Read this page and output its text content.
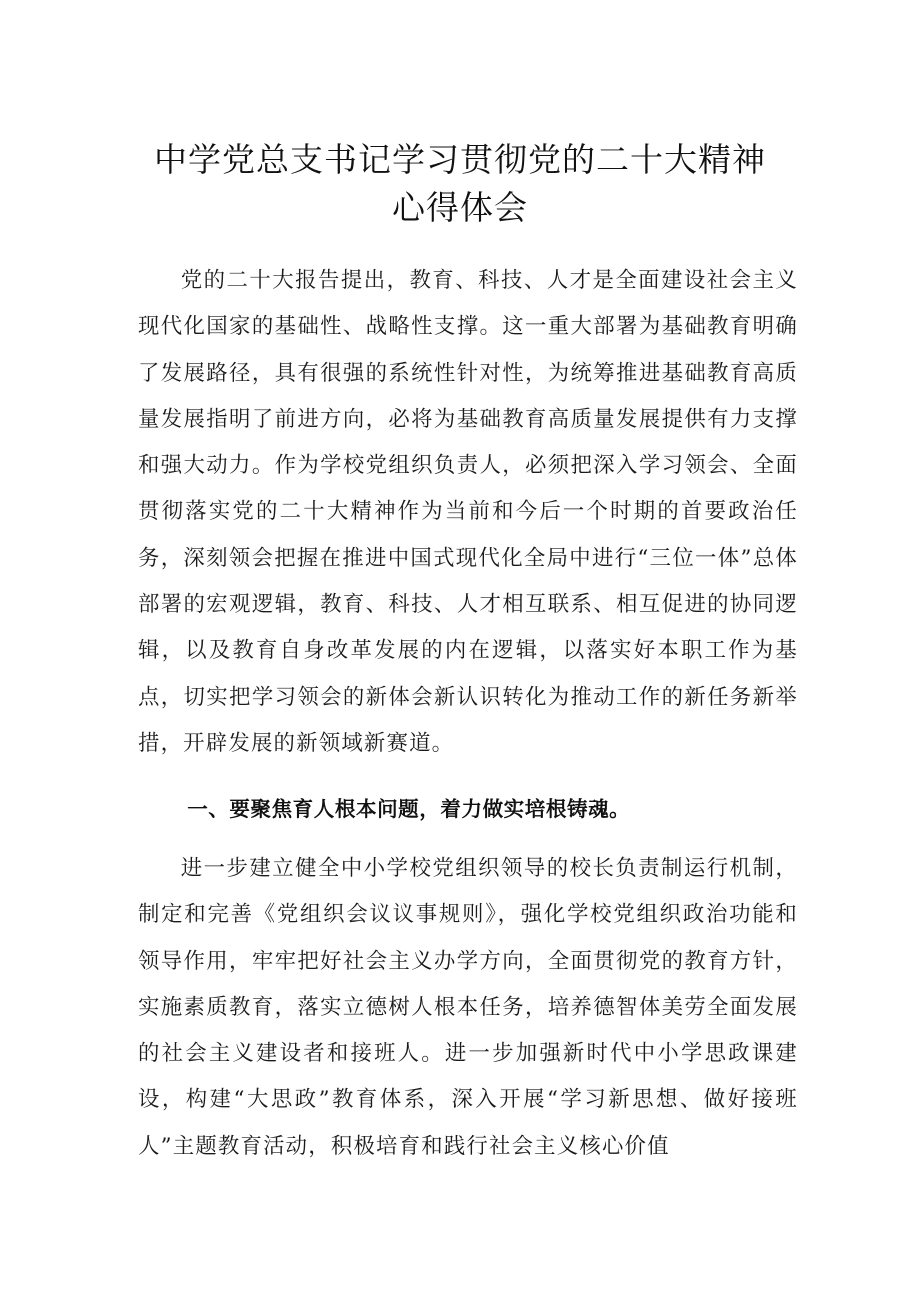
中学党总支书记学习贯彻党的二十大精神
心得体会

党的二十大报告提出，教育、科技、人才是全面建设社会主义现代化国家的基础性、战略性支撑。这一重大部署为基础教育明确了发展路径，具有很强的系统性针对性，为统筹推进基础教育高质量发展指明了前进方向，必将为基础教育高质量发展提供有力支撑和强大动力。作为学校党组织负责人，必须把深入学习领会、全面贯彻落实党的二十大精神作为当前和今后一个时期的首要政治任务，深刻领会把握在推进中国式现代化全局中进行“三位一体”总体部署的宏观逻辑，教育、科技、人才相互联系、相互促进的协同逻辑，以及教育自身改革发展的内在逻辑，以落实好本职工作为基点，切实把学习领会的新体会新认识转化为推动工作的新任务新举措，开辟发展的新领域新赛道。

一、要聚焦育人根本问题，着力做实培根铸魂。

进一步建立健全中小学校党组织领导的校长负责制运行机制，制定和完善《党组织会议议事规则》，强化学校党组织政治功能和领导作用，牢牢把好社会主义办学方向，全面贯彻党的教育方针，实施素质教育，落实立德树人根本任务，培养德智体美劳全面发展的社会主义建设者和接班人。进一步加强新时代中小学思政课建设，构建“大思政”教育体系，深入开展“学习新思想、做好接班人”主题教育活动，积极培育和践行社会主义核心价值
